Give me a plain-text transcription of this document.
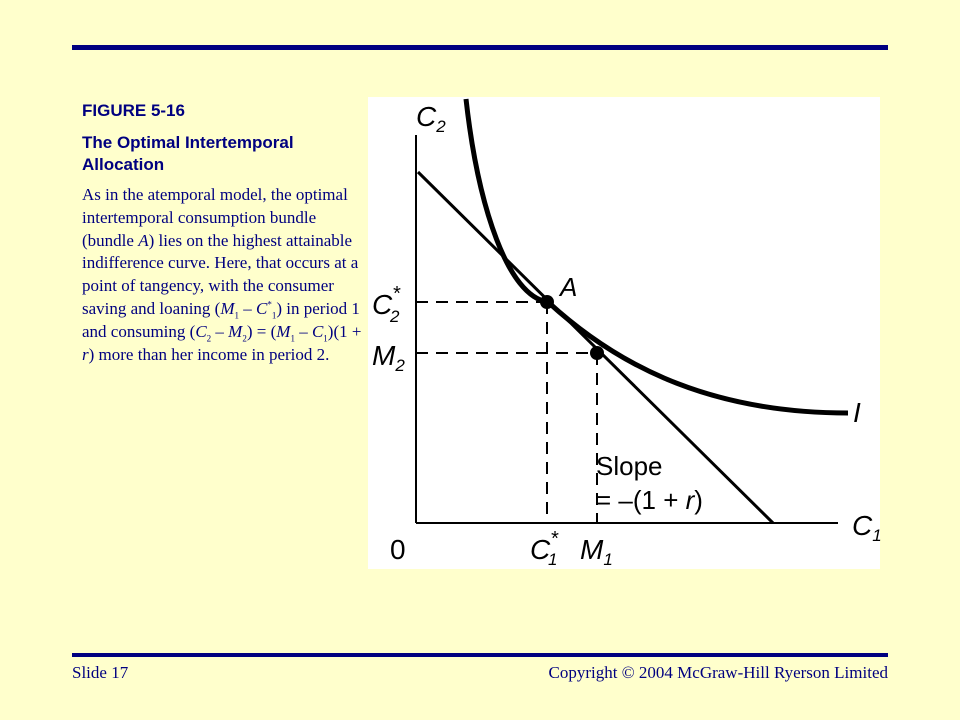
FIGURE 5-16

The Optimal Intertemporal Allocation

As in the atemporal model, the optimal intertemporal consumption bundle (bundle A) lies on the highest attainable indifference curve. Here, that occurs at a point of tangency, with the consumer saving and loaning $(M_1 - C^*_1)$ in period 1 and consuming $(C_2 - M_2) = (M_1 - C_1)(1 + r)$ more than her income in period 2.

$C_2$
$C_1$
0
A
C* 2
$M_2$
C* 1 $M_1$
I
Slope
= –(1 + r)
Slide 17	Copyright © 2004 McGraw-Hill Ryerson Limited
